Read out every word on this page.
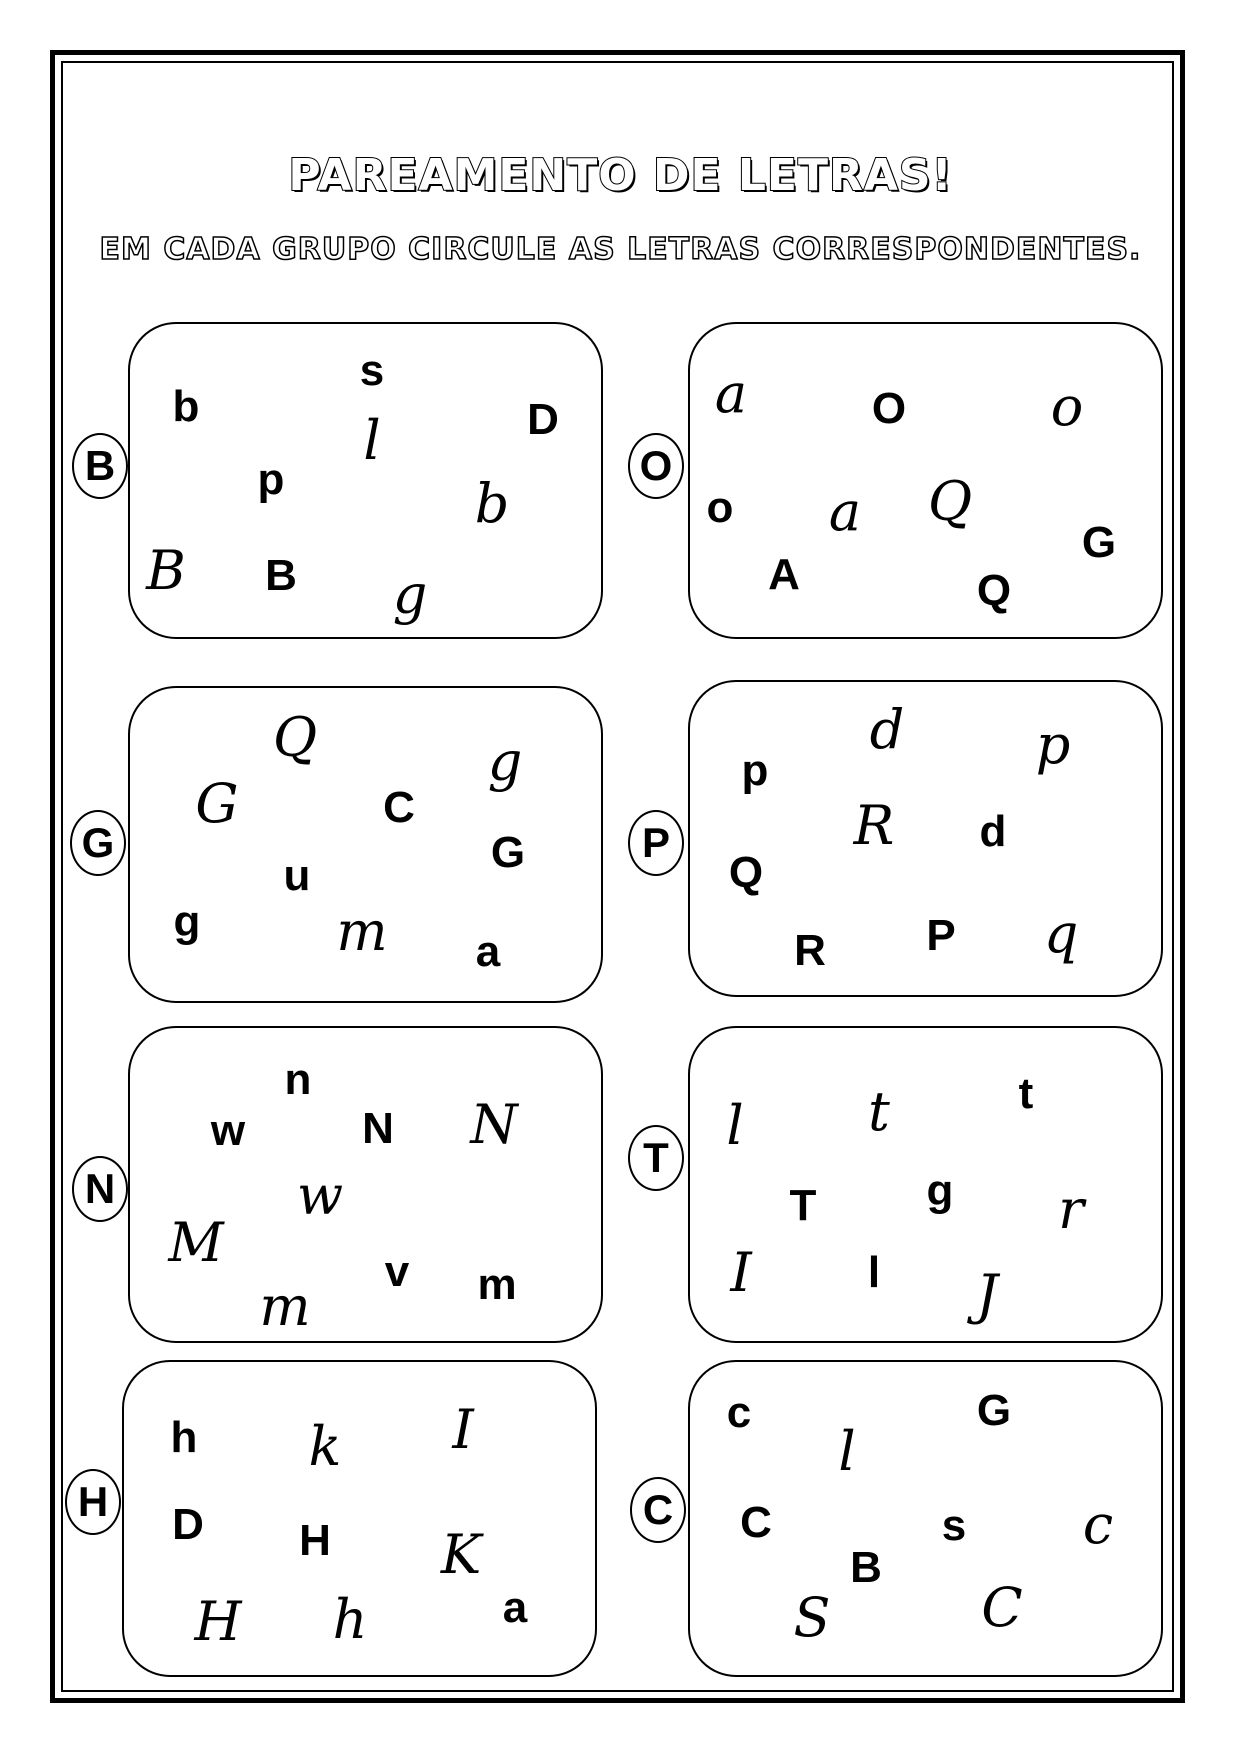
PAREAMENTO DE LETRAS!

EM CADA GRUPO CIRCULE AS LETRAS CORRESPONDENTES.

B
s
b	D
l
p	b
B B g
O
a	O	o
o a Q
G
A	Q
G
Q	g
G	C
G
u
g	m a
P
d p
p
R d
Q
R P q
N
n
w	N N
w
M	v m
m
T
l t	t
T	g r
I	l J
H
h k I
D H K
H h	a
C
c
l
G
C	s c
B
S	C
